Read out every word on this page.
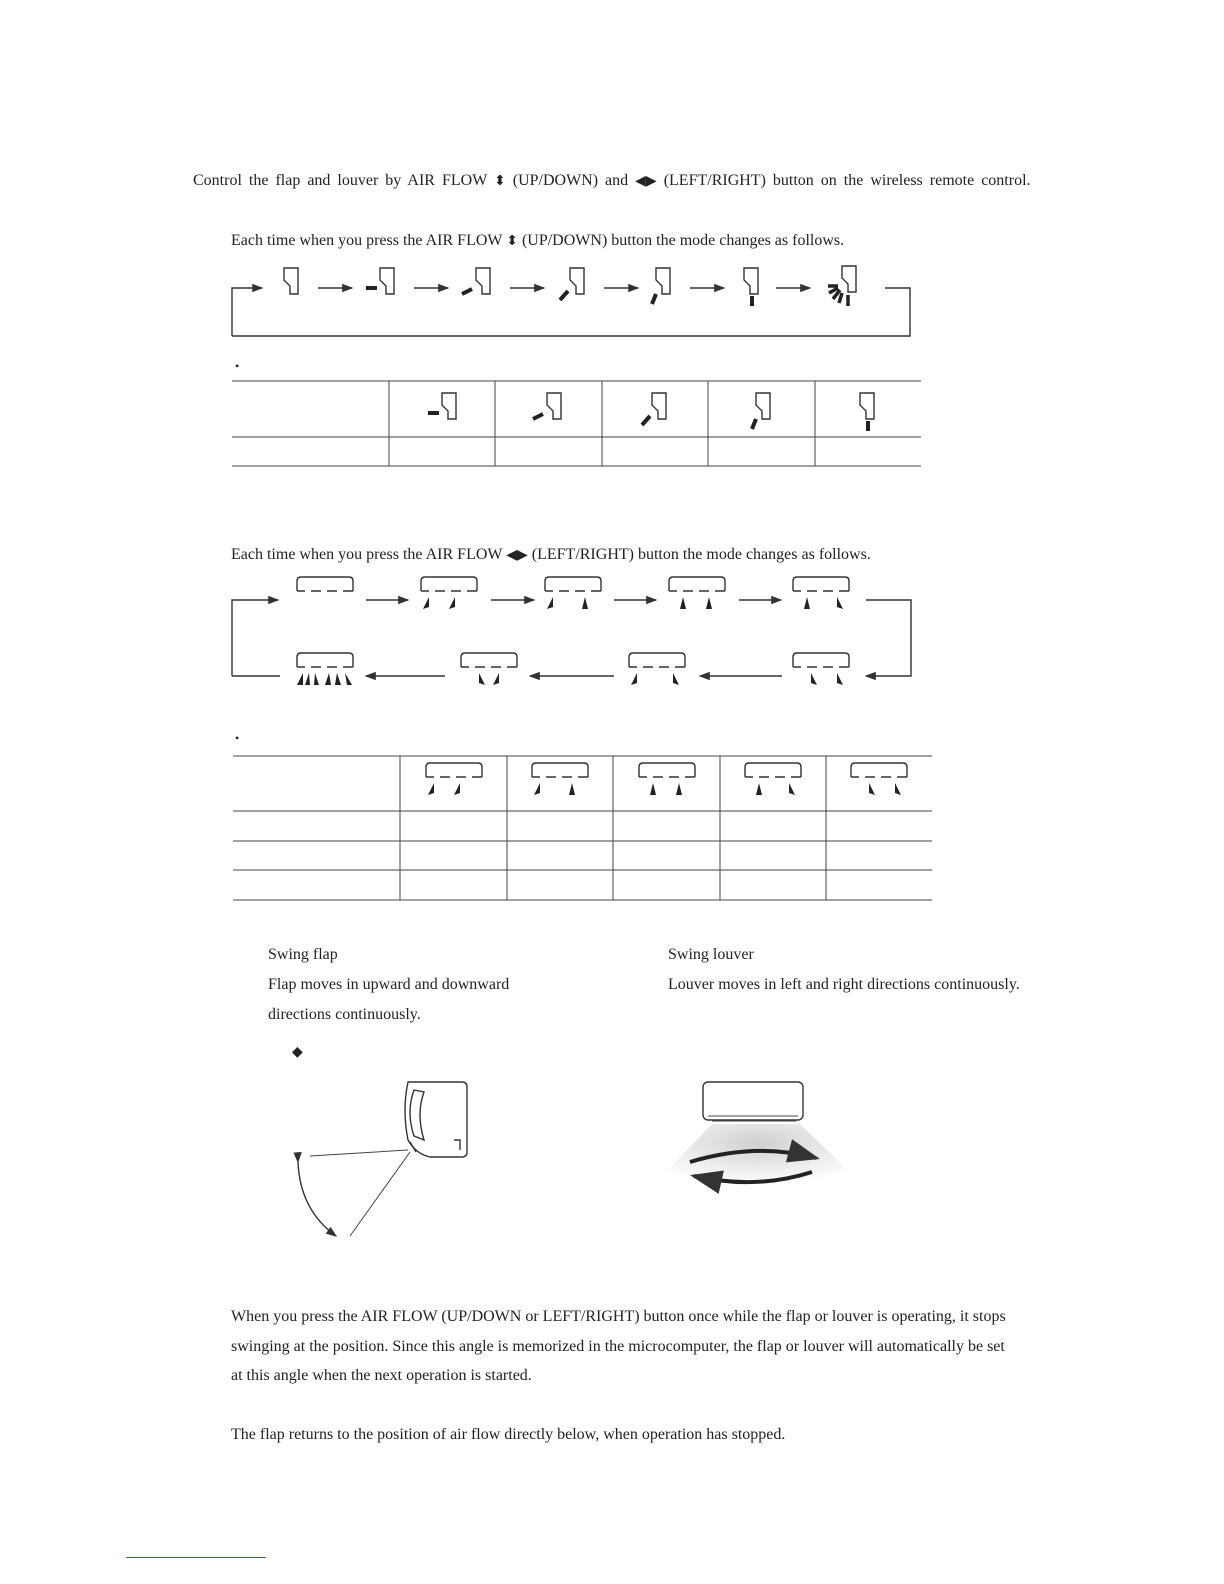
Control the flap and louver by AIR FLOW ⬍ (UP/DOWN) and ◀▶ (LEFT/RIGHT) button on the wireless remote control.
Each time when you press the AIR FLOW ⬍ (UP/DOWN) button the mode changes as follows.
•
Each time when you press the AIR FLOW ◀▶ (LEFT/RIGHT) button the mode changes as follows.
•
Swing flap
Flap moves in upward and downward
directions continuously.
Swing louver
Louver moves in left and right directions continuously.
◆
When you press the AIR FLOW (UP/DOWN or LEFT/RIGHT) button once while the flap or louver is operating, it stops
swinging at the position. Since this angle is memorized in the microcomputer, the flap or louver will automatically be set
at this angle when the next operation is started.
The flap returns to the position of air flow directly below, when operation has stopped.
